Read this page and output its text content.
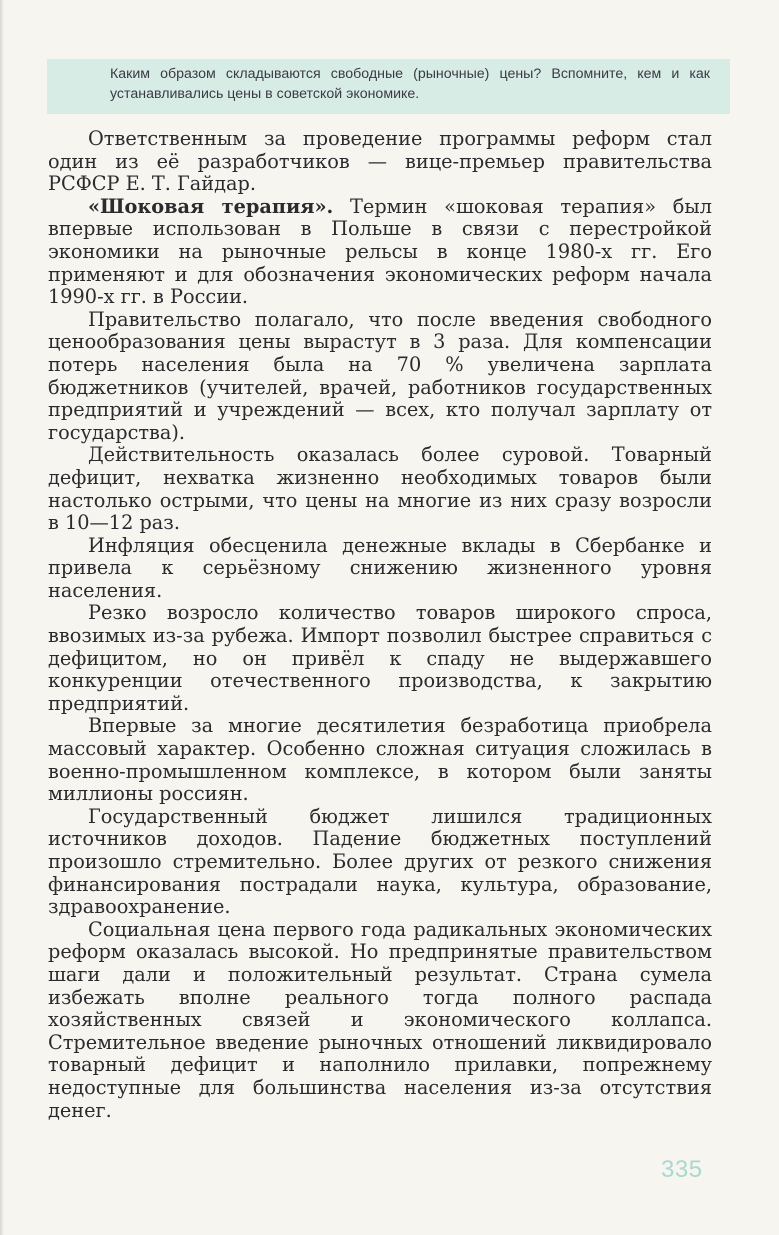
Каким образом складываются свободные (рыночные) цены? Вспомните, кем и как устанавливались цены в советской экономике.

Ответственным за проведение программы реформ стал один из её разработчиков — вице-премьер правительства РСФСР Е. Т. Гайдар.

«Шоковая терапия». Термин «шоковая терапия» был впервые использован в Польше в связи с перестройкой экономики на рыночные рельсы в конце 1980-х гг. Его применяют и для обозначения экономических реформ начала 1990-х гг. в России.

Правительство полагало, что после введения свободного ценообразования цены вырастут в 3 раза. Для компенсации потерь населения была на 70 % увеличена зарплата бюджетников (учителей, врачей, работников государственных предприятий и учреждений — всех, кто получал зарплату от государства).

Действительность оказалась более суровой. Товарный дефицит, нехватка жизненно необходимых товаров были настолько острыми, что цены на многие из них сразу возросли в 10—12 раз.

Инфляция обесценила денежные вклады в Сбербанке и привела к серьёзному снижению жизненного уровня населения.

Резко возросло количество товаров широкого спроса, ввозимых из-за рубежа. Импорт позволил быстрее справиться с дефицитом, но он привёл к спаду не выдержавшего конкуренции отечественного производства, к закрытию предприятий.

Впервые за многие десятилетия безработица приобрела массовый характер. Особенно сложная ситуация сложилась в военно-промышленном комплексе, в котором были заняты миллионы россиян.

Государственный бюджет лишился традиционных источников доходов. Падение бюджетных поступлений произошло стремительно. Более других от резкого снижения финансирования пострадали наука, культура, образование, здравоохранение.

Социальная цена первого года радикальных экономических реформ оказалась высокой. Но предпринятые правительством шаги дали и положительный результат. Страна сумела избежать вполне реального тогда полного распада хозяйственных связей и экономического коллапса. Стремительное введение рыночных отношений ликвидировало товарный дефицит и наполнило прилавки, попрежнему недоступные для большинства населения из-за отсутствия денег.

335
